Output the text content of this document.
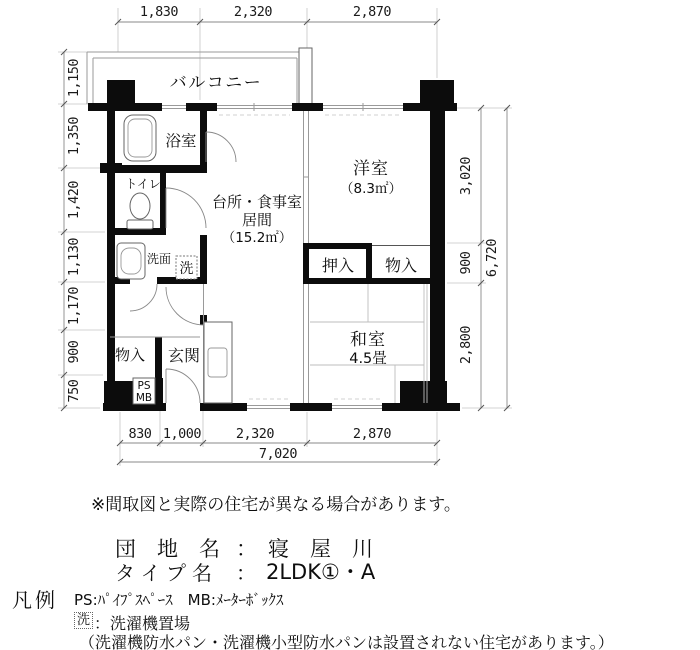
1,830	2,320	2,870
1,150
1,350
1,420
1,130
1,170
900
750
3,020
900
2,800
6,720
830 1,000	2,320	2,870
7,020
バルコニー
浴室
トイレ
洗面
洗
台所・食事室
居間
（15.2㎡）
洋室
（8.3㎡）
押入 物入
和室
4.5畳
物入 玄関
PS
MB
※間取図と実際の住宅が異なる場合があります。
団　地　名 ： 寝　屋　川
タイプ名 ： 2LDK①・A
凡例 PS:ﾊﾟｲﾌﾟｽﾍﾟｰｽ　MB:ﾒｰﾀｰﾎﾞｯｸｽ
洗 ：洗濯機置場
（洗濯機防水パン・洗濯機小型防水パンは設置されない住宅があります。）
